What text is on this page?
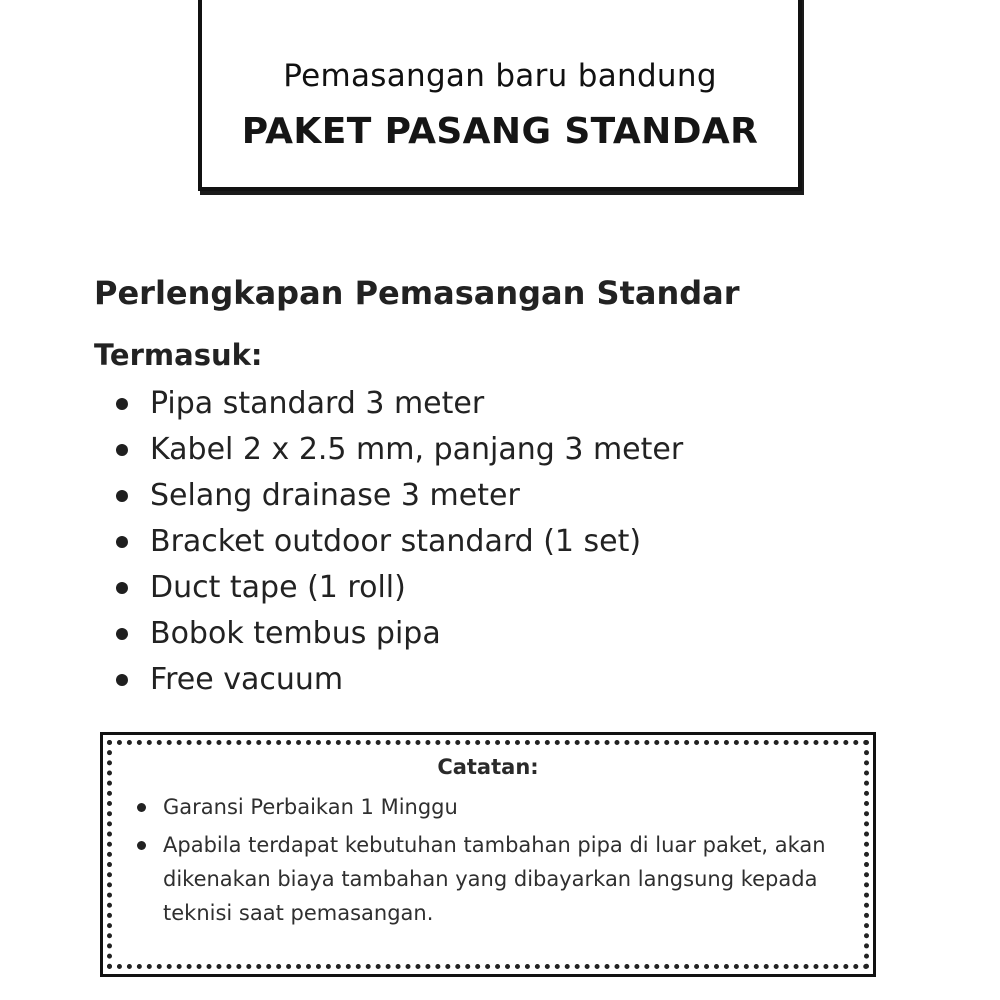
Pemasangan baru bandung
PAKET PASANG STANDAR
Perlengkapan Pemasangan Standar
Termasuk:
Pipa standard 3 meter
Kabel 2 x 2.5 mm, panjang 3 meter
Selang drainase 3 meter
Bracket outdoor standard (1 set)
Duct tape (1 roll)
Bobok tembus pipa
Free vacuum
Catatan:
Garansi Perbaikan 1 Minggu
Apabila terdapat kebutuhan tambahan pipa di luar paket, akan dikenakan biaya tambahan yang dibayarkan langsung kepada teknisi saat pemasangan.
